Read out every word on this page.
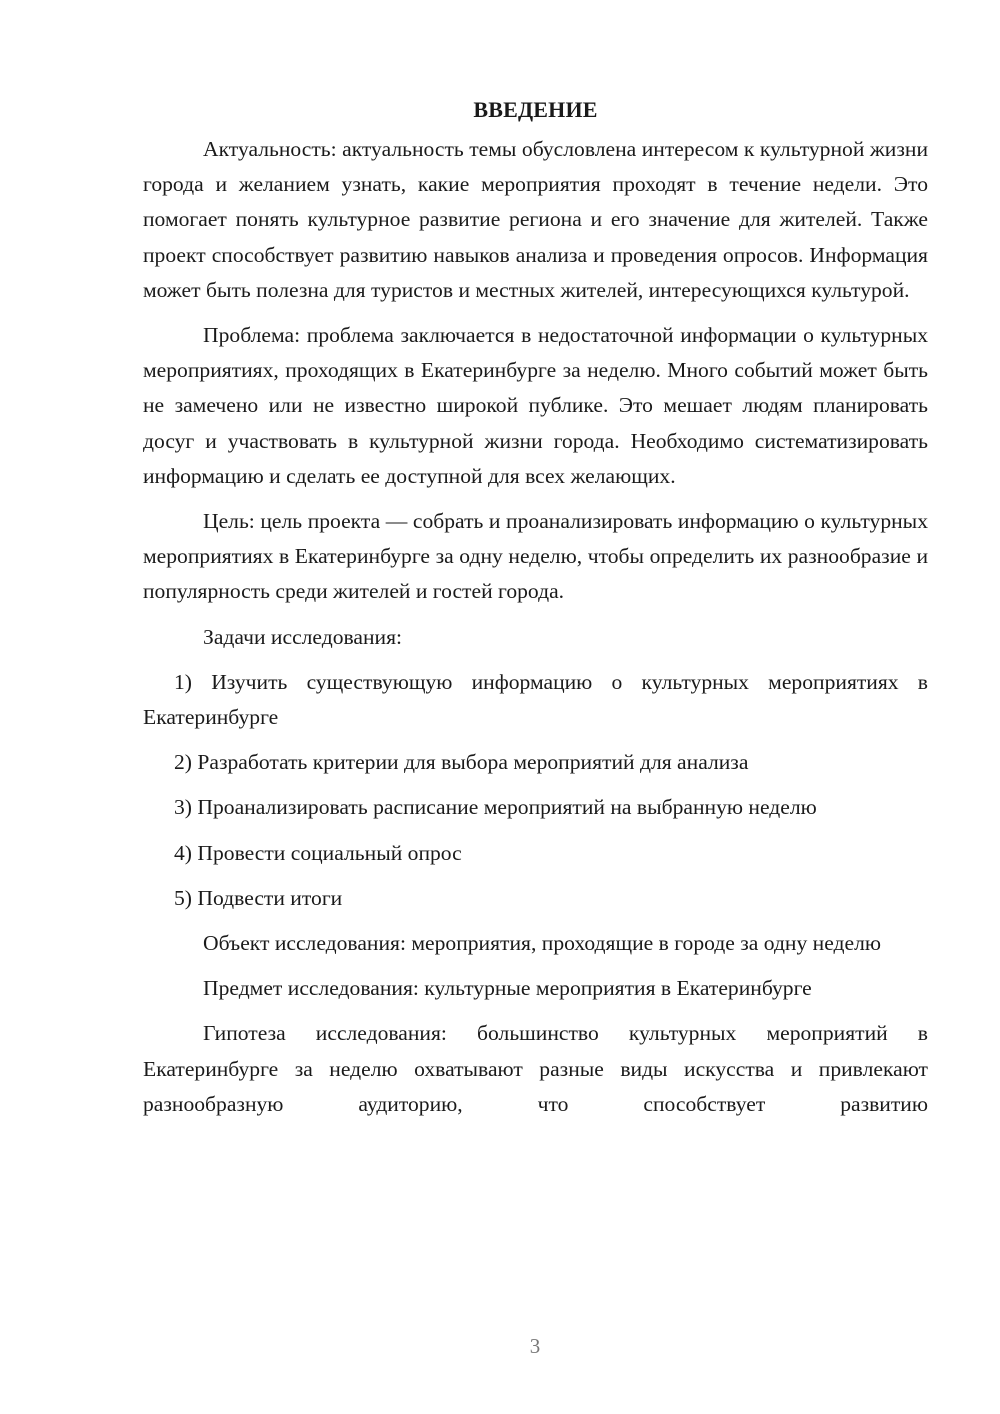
ВВЕДЕНИЕ

Актуальность: актуальность темы обусловлена интересом к культурной жизни города и желанием узнать, какие мероприятия проходят в течение недели. Это помогает понять культурное развитие региона и его значение для жителей. Также проект способствует развитию навыков анализа и проведения опросов. Информация может быть полезна для туристов и местных жителей, интересующихся культурой.

Проблема: проблема заключается в недостаточной информации о культурных мероприятиях, проходящих в Екатеринбурге за неделю. Много событий может быть не замечено или не известно широкой публике. Это мешает людям планировать досуг и участвовать в культурной жизни города. Необходимо систематизировать информацию и сделать ее доступной для всех желающих.

Цель: цель проекта — собрать и проанализировать информацию о культурных мероприятиях в Екатеринбурге за одну неделю, чтобы определить их разнообразие и популярность среди жителей и гостей города.

Задачи исследования:

1) Изучить существующую информацию о культурных мероприятиях в Екатеринбурге

2) Разработать критерии для выбора мероприятий для анализа

3) Проанализировать расписание мероприятий на выбранную неделю

4) Провести социальный опрос

5) Подвести итоги

Объект исследования: мероприятия, проходящие в городе за одну неделю

Предмет исследования: культурные мероприятия в Екатеринбурге

Гипотеза исследования: большинство культурных мероприятий в Екатеринбурге за неделю охватывают разные виды искусства и привлекают разнообразную аудиторию, что способствует развитию

3
